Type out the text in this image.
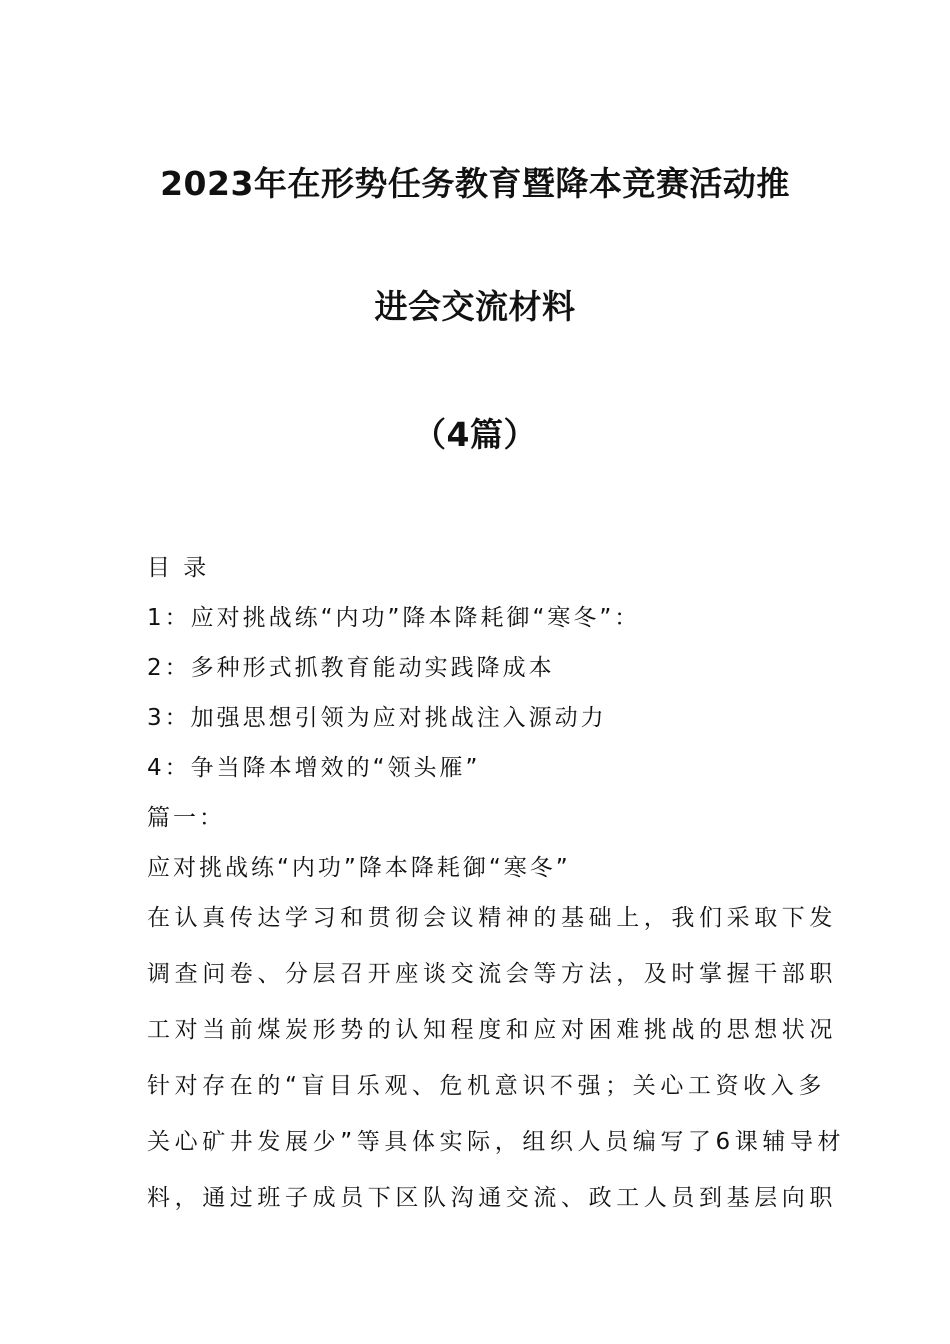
2023年在形势任务教育暨降本竞赛活动推
进会交流材料
（4篇）
目 录
1：应对挑战练“内功”降本降耗御“寒冬”：
2：多种形式抓教育能动实践降成本
3：加强思想引领为应对挑战注入源动力
4：争当降本增效的“领头雁”
篇一：
应对挑战练“内功”降本降耗御“寒冬”
在认真传达学习和贯彻会议精神的基础上，我们采取下发
调查问卷、分层召开座谈交流会等方法，及时掌握干部职
工对当前煤炭形势的认知程度和应对困难挑战的思想状况
针对存在的“盲目乐观、危机意识不强；关心工资收入多
关心矿井发展少”等具体实际，组织人员编写了6课辅导材
料，通过班子成员下区队沟通交流、政工人员到基层向职
